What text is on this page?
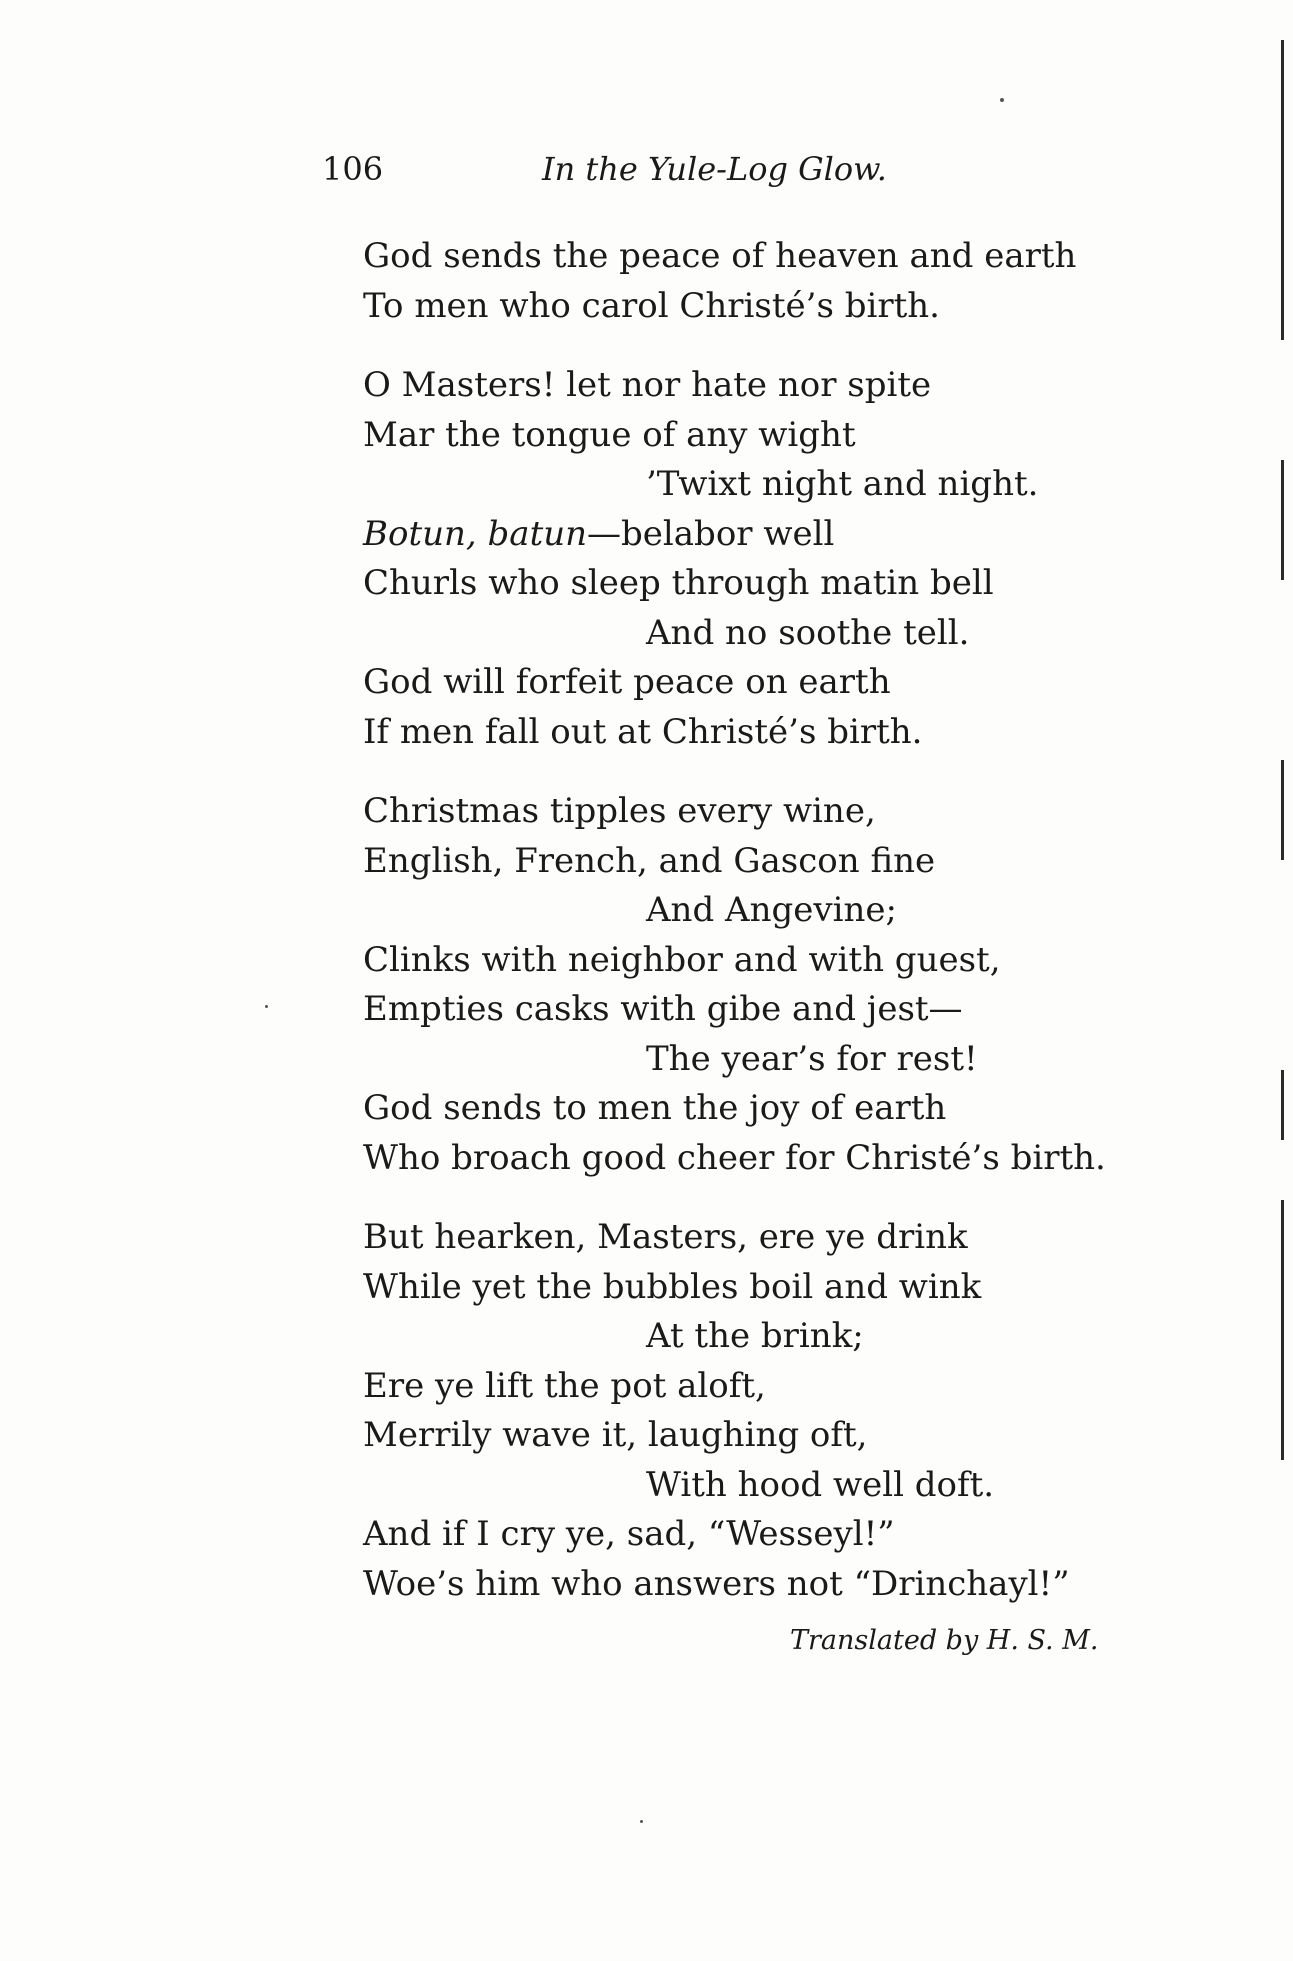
106	In the Yule-Log Glow.
God sends the peace of heaven and earth
To men who carol Christé’s birth.
O Masters! let nor hate nor spite
Mar the tongue of any wight
’Twixt night and night.
Botun, batun—belabor well
Churls who sleep through matin bell
And no soothe tell.
God will forfeit peace on earth
If men fall out at Christé’s birth.
Christmas tipples every wine,
English, French, and Gascon fine
And Angevine;
Clinks with neighbor and with guest,
Empties casks with gibe and jest—
The year’s for rest!
God sends to men the joy of earth
Who broach good cheer for Christé’s birth.
But hearken, Masters, ere ye drink
While yet the bubbles boil and wink
At the brink;
Ere ye lift the pot aloft,
Merrily wave it, laughing oft,
With hood well doft.
And if I cry ye, sad, “Wesseyl!”
Woe’s him who answers not “Drinchayl!”
Translated by H. S. M.
